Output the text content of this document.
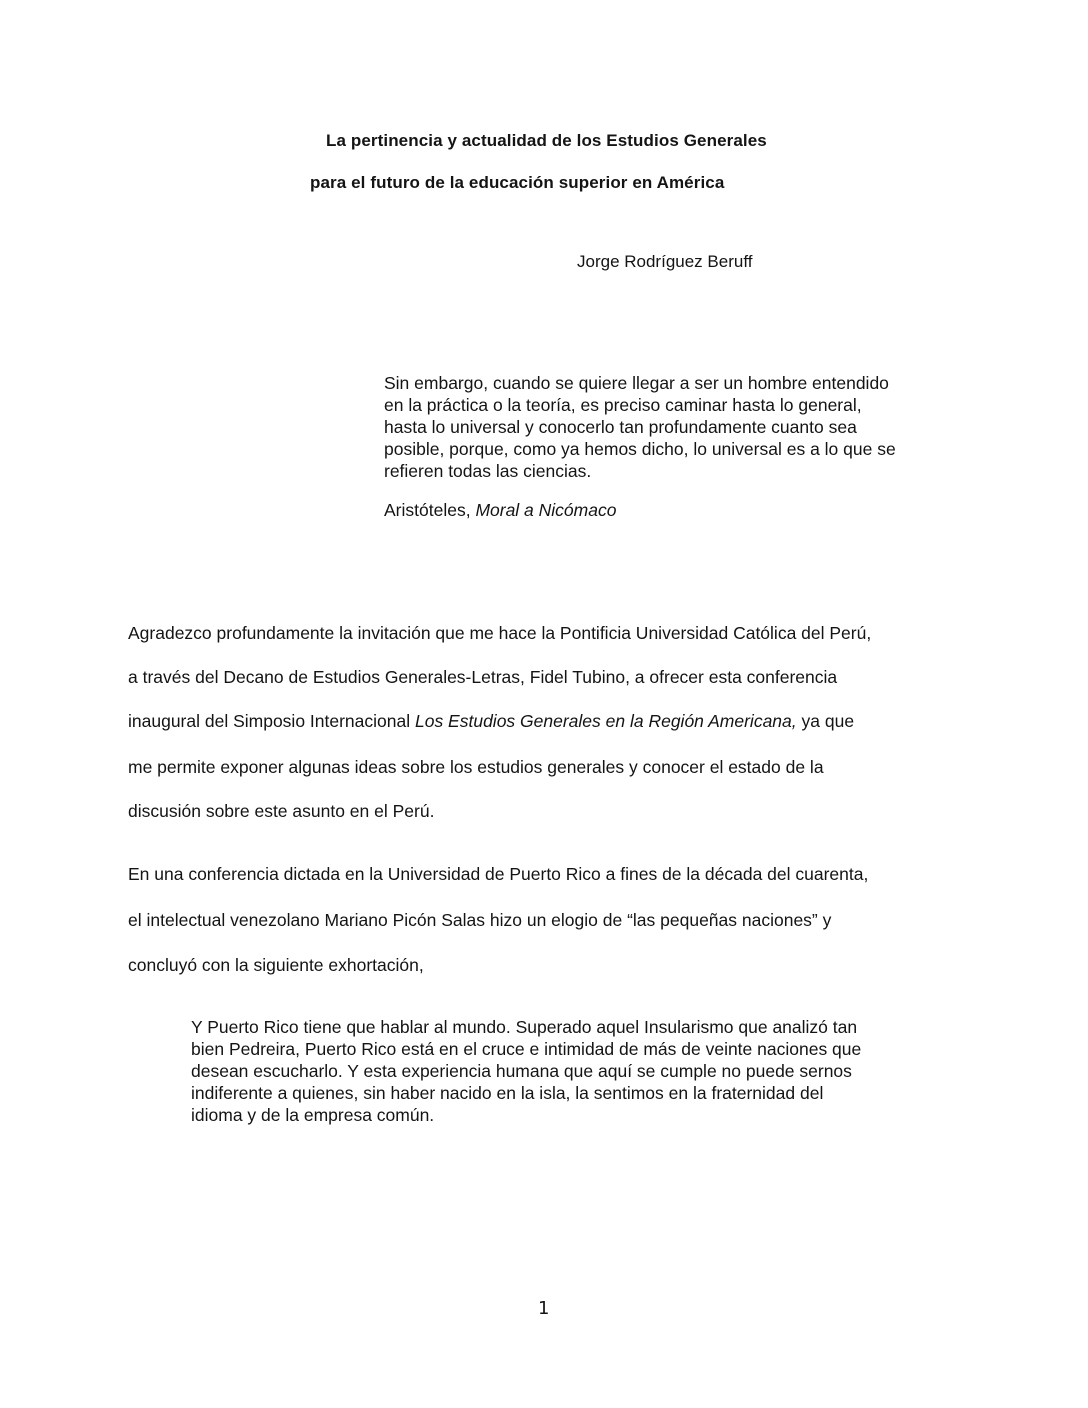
La pertinencia y actualidad de los Estudios Generales
para el futuro de la educación superior en América
Jorge Rodríguez Beruff
Sin embargo, cuando se quiere llegar a ser un hombre entendido
en la práctica o la teoría, es preciso caminar hasta lo general,
hasta lo universal y conocerlo tan profundamente cuanto sea
posible, porque, como ya hemos dicho, lo universal es a lo que se
refieren todas las ciencias.
Aristóteles, Moral a Nicómaco
Agradezco profundamente la invitación que me hace la Pontificia Universidad Católica del Perú,
a través del Decano de Estudios Generales-Letras, Fidel Tubino, a ofrecer esta conferencia
inaugural del Simposio Internacional Los Estudios Generales en la Región Americana, ya que
me permite exponer algunas ideas sobre los estudios generales y conocer el estado de la
discusión sobre este asunto en el Perú.
En una conferencia dictada en la Universidad de Puerto Rico a fines de la década del cuarenta,
el intelectual venezolano Mariano Picón Salas hizo un elogio de “las pequeñas naciones” y
concluyó con la siguiente exhortación,
Y Puerto Rico tiene que hablar al mundo. Superado aquel Insularismo que analizó tan
bien Pedreira, Puerto Rico está en el cruce e intimidad de más de veinte naciones que
desean escucharlo. Y esta experiencia humana que aquí se cumple no puede sernos
indiferente a quienes, sin haber nacido en la isla, la sentimos en la fraternidad del
idioma y de la empresa común.
1
